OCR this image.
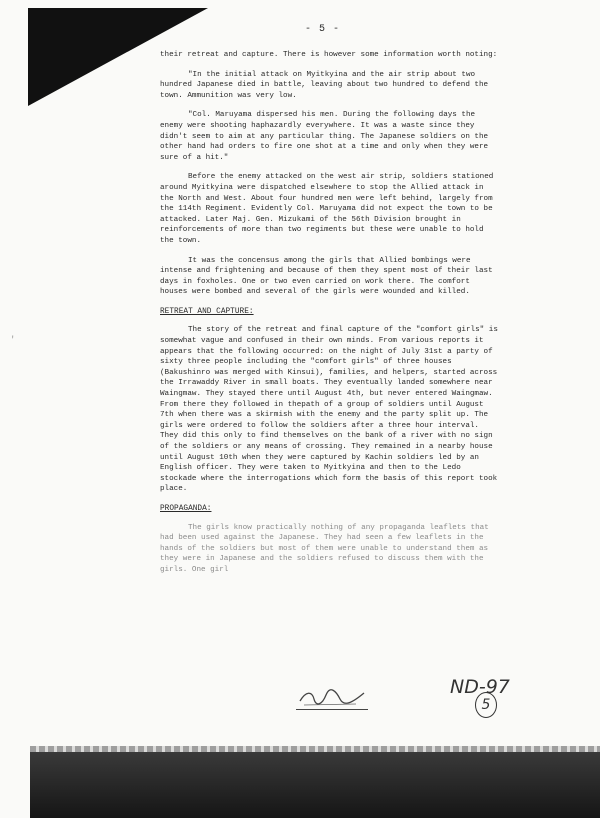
- 5 -
'

their retreat and capture. There is however some information worth noting:

"In the initial attack on Myitkyina and the air strip about two hundred Japanese died in battle, leaving about two hundred to defend the town. Ammunition was very low.

"Col. Maruyama dispersed his men. During the following days the enemy were shooting haphazardly everywhere. It was a waste since they didn't seem to aim at any particular thing. The Japanese soldiers on the other hand had orders to fire one shot at a time and only when they were sure of a hit."

Before the enemy attacked on the west air strip, soldiers stationed around Myitkyina were dispatched elsewhere to stop the Allied attack in the North and West. About four hundred men were left behind, largely from the 114th Regiment. Evidently Col. Maruyama did not expect the town to be attacked. Later Maj. Gen. Mizukami of the 56th Division brought in reinforcements of more than two regiments but these were unable to hold the town.

It was the concensus among the girls that Allied bombings were intense and frightening and because of them they spent most of their last days in foxholes. One or two even carried on work there. The comfort houses were bombed and several of the girls were wounded and killed.

RETREAT AND CAPTURE:

The story of the retreat and final capture of the "comfort girls" is somewhat vague and confused in their own minds. From various reports it appears that the following occurred: on the night of July 31st a party of sixty three people including the "comfort girls" of three houses (Bakushinro was merged with Kinsui), families, and helpers, started across the Irrawaddy River in small boats. They eventually landed somewhere near Waingmaw. They stayed there until August 4th, but never entered Waingmaw. From there they followed in thepath of a group of soldiers until August 7th when there was a skirmish with the enemy and the party split up. The girls were ordered to follow the soldiers after a three hour interval. They did this only to find themselves on the bank of a river with no sign of the soldiers or any means of crossing. They remained in a nearby house until August 10th when they were captured by Kachin soldiers led by an English officer. They were taken to Myitkyina and then to the Ledo stockade where the interrogations which form the basis of this report took place.

PROPAGANDA:

The girls know practically nothing of any propaganda leaflets that had been used against the Japanese. They had seen a few leaflets in the hands of the soldiers but most of them were unable to understand them as they were in Japanese and the soldiers refused to discuss them with the girls. One girl

ND-97
5
